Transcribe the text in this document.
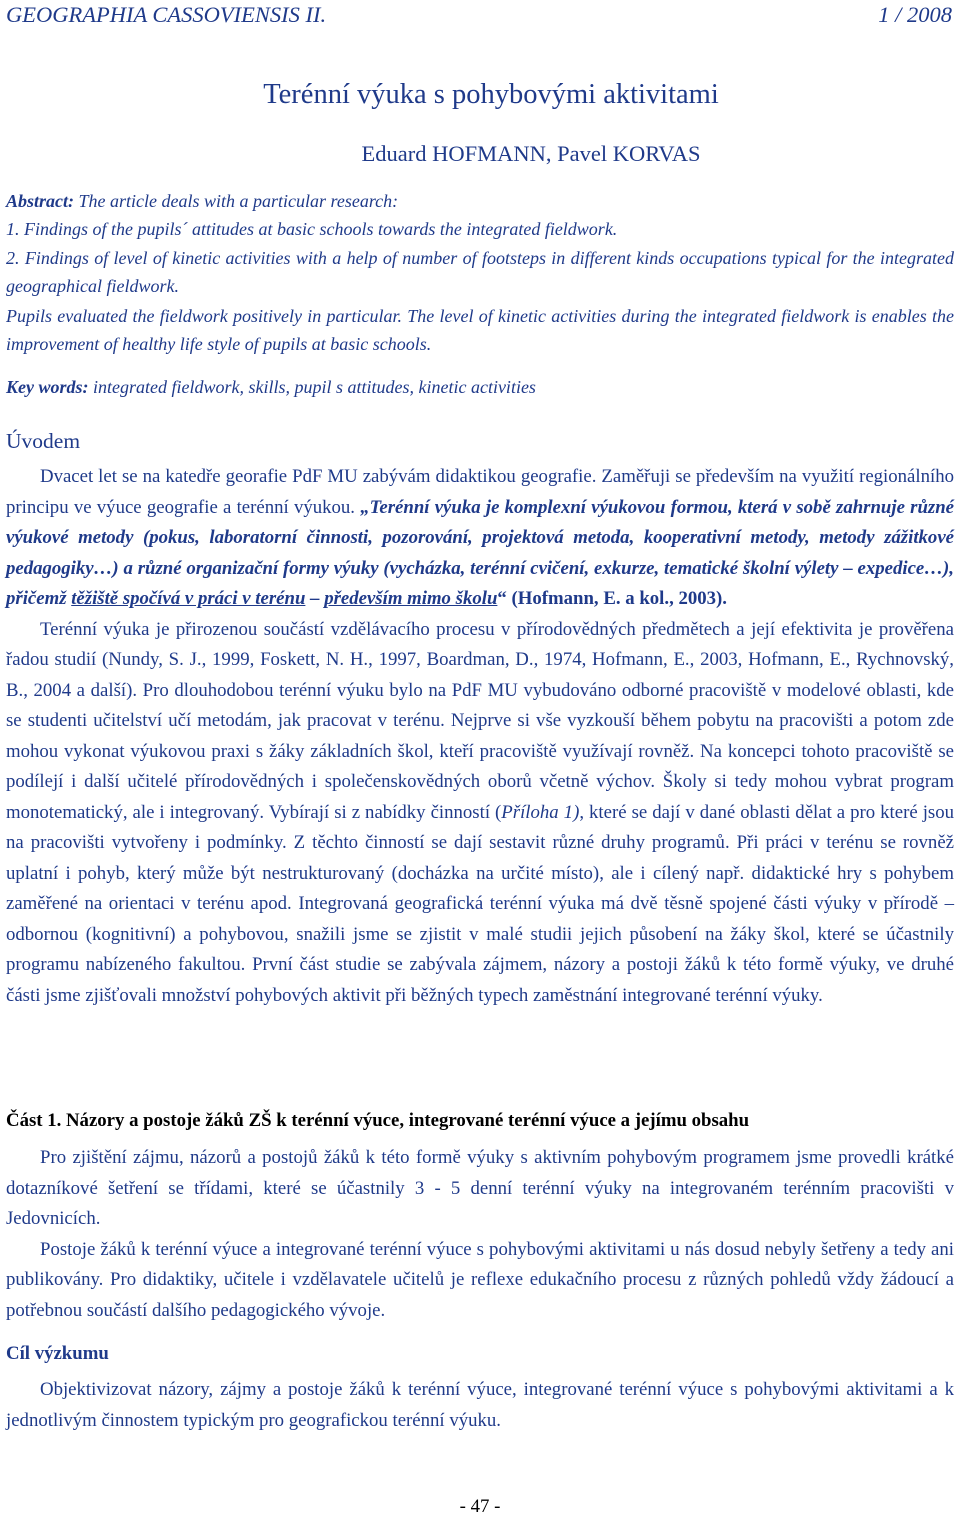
GEOGRAPHIA CASSOVIENSIS II.	1 / 2008
Terénní výuka s pohybovými aktivitami
Eduard HOFMANN, Pavel KORVAS

Abstract: The article deals with a particular research:

1. Findings of the pupils´ attitudes at basic schools towards the integrated fieldwork.

2. Findings of level of kinetic activities with a help of number of footsteps in different kinds occupations typical for the integrated geographical fieldwork.

Pupils evaluated the fieldwork positively in particular. The level of kinetic activities during the integrated fieldwork is enables the improvement of healthy life style of pupils at basic schools.

Key words: integrated fieldwork, skills, pupil s attitudes, kinetic activities
Úvodem

Dvacet let se na katedře georafie PdF MU zabývám didaktikou geografie. Zaměřuji se především na využití regionálního principu ve výuce geografie a terénní výukou. „Terénní výuka je komplexní výukovou formou, která v sobě zahrnuje různé výukové metody (pokus, laboratorní činnosti, pozorování, projektová metoda, kooperativní metody, metody zážitkové pedagogiky…) a různé organizační formy výuky (vycházka, terénní cvičení, exkurze, tematické školní výlety – expedice…), přičemž těžiště spočívá v práci v terénu – především mimo školu“ (Hofmann, E. a kol., 2003).

Terénní výuka je přirozenou součástí vzdělávacího procesu v přírodovědných předmětech a její efektivita je prověřena řadou studií (Nundy, S. J., 1999, Foskett, N. H., 1997, Boardman, D., 1974, Hofmann, E., 2003, Hofmann, E., Rychnovský, B., 2004 a další). Pro dlouhodobou terénní výuku bylo na PdF MU vybudováno odborné pracoviště v modelové oblasti, kde se studenti učitelství učí metodám, jak pracovat v terénu. Nejprve si vše vyzkouší během pobytu na pracovišti a potom zde mohou vykonat výukovou praxi s žáky základních škol, kteří pracoviště využívají rovněž. Na koncepci tohoto pracoviště se podílejí i další učitelé přírodovědných i společenskovědných oborů včetně výchov. Školy si tedy mohou vybrat program monotematický, ale i integrovaný. Vybírají si z nabídky činností (Příloha 1), které se dají v dané oblasti dělat a pro které jsou na pracovišti vytvořeny i podmínky. Z těchto činností se dají sestavit různé druhy programů. Při práci v terénu se rovněž uplatní i pohyb, který může být nestrukturovaný (docházka na určité místo), ale i cílený např. didaktické hry s pohybem zaměřené na orientaci v terénu apod. Integrovaná geografická terénní výuka má dvě těsně spojené části výuky v přírodě – odbornou (kognitivní) a pohybovou, snažili jsme se zjistit v malé studii jejich působení na žáky škol, které se účastnily programu nabízeného fakultou. První část studie se zabývala zájmem, názory a postoji žáků k této formě výuky, ve druhé části jsme zjišťovali množství pohybových aktivit při běžných typech zaměstnání integrované terénní výuky.

Část 1. Názory a postoje žáků ZŠ k terénní výuce, integrované terénní výuce a jejímu obsahu

Pro zjištění zájmu, názorů a postojů žáků k této formě výuky s aktivním pohybovým programem jsme provedli krátké dotazníkové šetření se třídami, které se účastnily 3 - 5 denní terénní výuky na integrovaném terénním pracovišti v Jedovnicích.

Postoje žáků k terénní výuce a integrované terénní výuce s pohybovými aktivitami u nás dosud nebyly šetřeny a tedy ani publikovány. Pro didaktiky, učitele i vzdělavatele učitelů je reflexe edukačního procesu z různých pohledů vždy žádoucí a potřebnou součástí dalšího pedagogického vývoje.

Cíl výzkumu

Objektivizovat názory, zájmy a postoje žáků k terénní výuce, integrované terénní výuce s pohybovými aktivitami a k jednotlivým činnostem typickým pro geografickou terénní výuku.

- 47 -
